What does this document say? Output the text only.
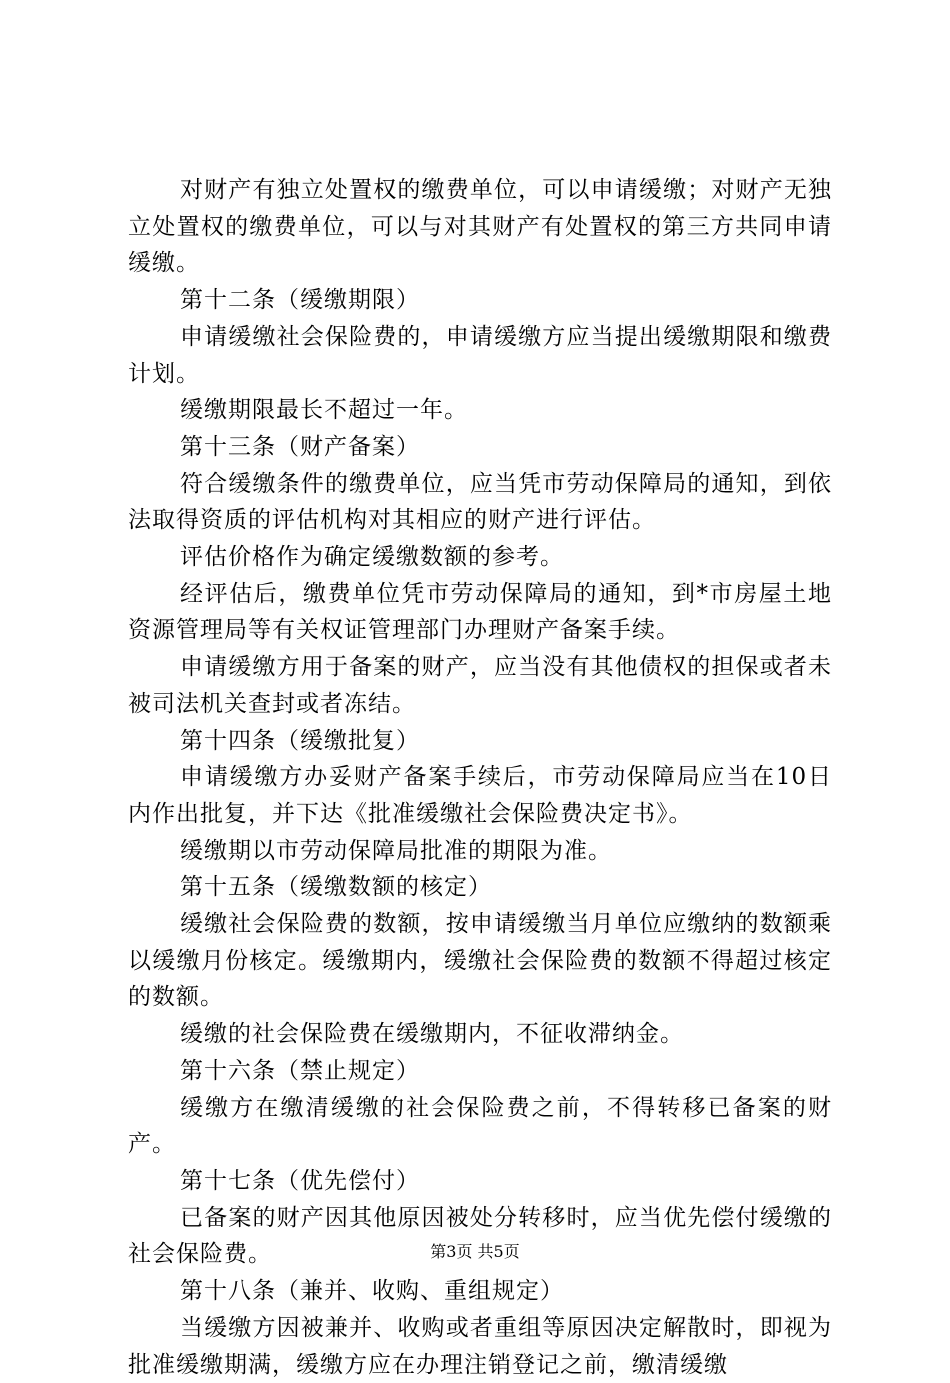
对财产有独立处置权的缴费单位，可以申请缓缴；对财产无独立处置权的缴费单位，可以与对其财产有处置权的第三方共同申请缓缴。

第十二条（缓缴期限）

申请缓缴社会保险费的，申请缓缴方应当提出缓缴期限和缴费计划。

缓缴期限最长不超过一年。

第十三条（财产备案）

符合缓缴条件的缴费单位，应当凭市劳动保障局的通知，到依法取得资质的评估机构对其相应的财产进行评估。

评估价格作为确定缓缴数额的参考。

经评估后，缴费单位凭市劳动保障局的通知，到*市房屋土地资源管理局等有关权证管理部门办理财产备案手续。

申请缓缴方用于备案的财产，应当没有其他债权的担保或者未被司法机关查封或者冻结。

第十四条（缓缴批复）

申请缓缴方办妥财产备案手续后，市劳动保障局应当在10日内作出批复，并下达《批准缓缴社会保险费决定书》。

缓缴期以市劳动保障局批准的期限为准。

第十五条（缓缴数额的核定）

缓缴社会保险费的数额，按申请缓缴当月单位应缴纳的数额乘以缓缴月份核定。缓缴期内，缓缴社会保险费的数额不得超过核定的数额。

缓缴的社会保险费在缓缴期内，不征收滞纳金。

第十六条（禁止规定）

缓缴方在缴清缓缴的社会保险费之前，不得转移已备案的财产。

第十七条（优先偿付）

已备案的财产因其他原因被处分转移时，应当优先偿付缓缴的社会保险费。

第十八条（兼并、收购、重组规定）

当缓缴方因被兼并、收购或者重组等原因决定解散时，即视为批准缓缴期满，缓缴方应在办理注销登记之前，缴清缓缴

第3页 共5页
